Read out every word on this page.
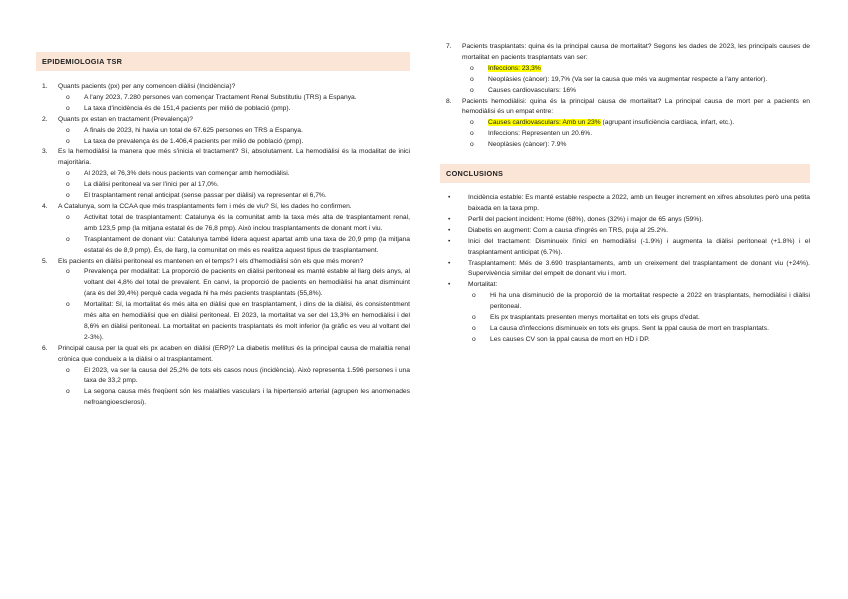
EPIDEMIOLOGIA TSR
1. Quants pacients (px) per any comencen diàlisi (Incidència)?
o A l'any 2023, 7.280 persones van començar Tractament Renal Substitutiu (TRS) a Espanya.
o La taxa d'incidència és de 151,4 pacients per milió de població (pmp).
2. Quants px estan en tractament (Prevalença)?
o A finals de 2023, hi havia un total de 67.625 persones en TRS a Espanya.
o La taxa de prevalença és de 1.406,4 pacients per milió de població (pmp).
3. Es la hemodiàlisi la manera que més s'inicia el tractament? Sí, absolutament. La hemodiàlisi és la modalitat de inici majoritària.
o Al 2023, el 76,3% dels nous pacients van començar amb hemodiàlisi.
o La diàlisi peritoneal va ser l'inici per al 17,0%.
o El trasplantament renal anticipat (sense passar per diàlisi) va representar el 6,7%.
4. A Catalunya, som la CCAA que més trasplantaments fem i més de viu? Sí, les dades ho confirmen.
o Activitat total de trasplantament: Catalunya és la comunitat amb la taxa més alta de trasplantament renal, amb 123,5 pmp (la mitjana estatal és de 76,8 pmp). Això inclou trasplantaments de donant mort i viu.
o Trasplantament de donant viu: Catalunya també lidera aquest apartat amb una taxa de 20,9 pmp (la mitjana estatal és de 8,9 pmp). És, de llarg, la comunitat on més es realitza aquest tipus de trasplantament.
5. Els pacients en diàlisi peritoneal es mantenen en el temps? I els d'hemodiàlisi són els que més moren?
o Prevalença per modalitat: La proporció de pacients en diàlisi peritoneal es manté estable al llarg dels anys, al voltant del 4,8% del total de prevalent. En canvi, la proporció de pacients en hemodiàlisi ha anat disminuint (ara és del 39,4%) perquè cada vegada hi ha més pacients trasplantats (55,8%).
o Mortalitat: Sí, la mortalitat és més alta en diàlisi que en trasplantament, i dins de la diàlisi, és consistentment més alta en hemodiàlisi que en diàlisi peritoneal. El 2023, la mortalitat va ser del 13,3% en hemodiàlisi i del 8,6% en diàlisi peritoneal. La mortalitat en pacients trasplantats és molt inferior (la gràfic es veu al voltant del 2-3%).
6. Principal causa per la qual els px acaben en diàlisi (ERP)? La diabetis mellitus és la principal causa de malaltia renal crònica que condueix a la diàlisi o al trasplantament.
o El 2023, va ser la causa del 25,2% de tots els casos nous (incidència). Això representa 1.596 persones i una taxa de 33,2 pmp.
o La segona causa més freqüent són les malalties vasculars i la hipertensió arterial (agrupen les anomenades nefroangioesclerosi).
7. Pacients trasplantats: quina és la principal causa de mortalitat? Segons les dades de 2023, les principals causes de mortalitat en pacients trasplantats van ser:
o Infeccions: 23,3%
o Neoplàsies (càncer): 19,7% (Va ser la causa que més va augmentar respecte a l'any anterior).
o Causes cardiovasculars: 16%
8. Pacients hemodiàlisi: quina és la principal causa de mortalitat? La principal causa de mort per a pacients en hemodiàlisi és un empat entre:
o Causes cardiovasculars: Amb un 23% (agrupant insuficiència cardíaca, infart, etc.).
o Infeccions: Representen un 20.6%.
o Neoplàsies (càncer): 7.9%
CONCLUSIONS
•	Incidència estable: Es manté estable respecte a 2022, amb un lleuger increment en xifres absolutes però una petita baixada en la taxa pmp.
•	Perfil del pacient incident: Home (68%), dones (32%) i major de 65 anys (59%).
•	Diabetis en augment: Com a causa d'ingrés en TRS, puja al 25.2%.
•	Inici del tractament: Disminueix l'inici en hemodiàlisi (-1.9%) i augmenta la diàlisi peritoneal (+1.8%) i el trasplantament anticipat (6.7%).
•	Trasplantament: Més de 3.690 trasplantaments, amb un creixement del trasplantament de donant viu (+24%). Supervivència similar del empelt de donant viu i mort.
•	Mortalitat:
o Hi ha una disminució de la proporció de la mortalitat respecte a 2022 en trasplantats, hemodiàlisi i diàlisi peritoneal.
o Els px trasplantats presenten menys mortalitat en tots els grups d'edat.
o La causa d'infeccions disminueix en tots els grups. Sent la ppal causa de mort en trasplantats.
o Les causes CV son la ppal causa de mort en HD i DP.
